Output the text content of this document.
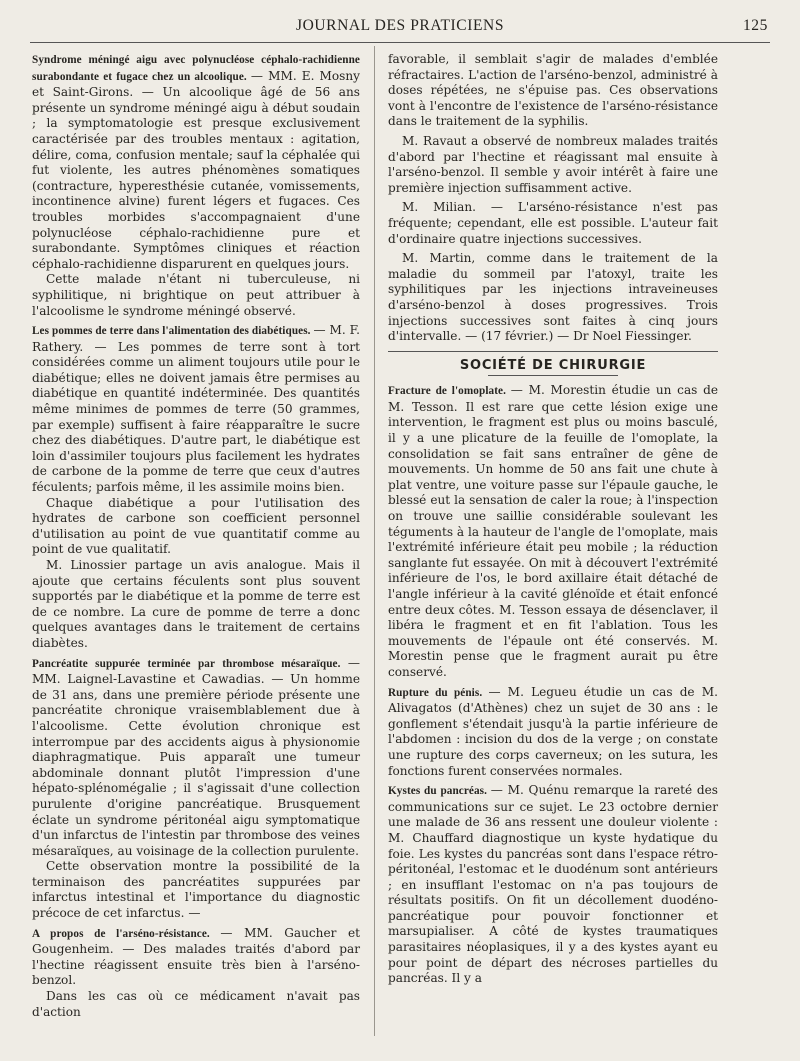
JOURNAL DES PRATICIENS	125
Syndrome méningé aigu avec polynucléose céphalo-rachidienne surabondante et fugace chez un alcoolique.

— MM. E. Mosny et Saint-Girons. — Un alcoolique âgé de 56 ans présente un syndrome méningé aigu à début soudain ; la symptomatologie est presque exclusivement caractérisée par des troubles mentaux : agitation, délire, coma, confusion mentale; sauf la céphalée qui fut violente, les autres phénomènes somatiques (contracture, hyperesthésie cutanée, vomissements, incontinence alvine) furent légers et fugaces. Ces troubles morbides s'accompagnaient d'une polynucléose céphalo-rachidienne pure et surabondante. Symptômes cliniques et réaction céphalo-rachidienne disparurent en quelques jours.

Cette malade n'étant ni tuberculeuse, ni syphilitique, ni brightique on peut attribuer à l'alcoolisme le syndrome méningé observé.

Les pommes de terre dans l'alimentation des diabétiques.

— M. F. Rathery. — Les pommes de terre sont à tort considérées comme un aliment toujours utile pour le diabétique; elles ne doivent jamais être permises au diabétique en quantité indéterminée. Des quantités même minimes de pommes de terre (50 grammes, par exemple) suffisent à faire réapparaître le sucre chez des diabétiques. D'autre part, le diabétique est loin d'assimiler toujours plus facilement les hydrates de carbone de la pomme de terre que ceux d'autres féculents; parfois même, il les assimile moins bien.

Chaque diabétique a pour l'utilisation des hydrates de carbone son coefficient personnel d'utilisation au point de vue quantitatif comme au point de vue qualitatif.

M. Linossier partage un avis analogue. Mais il ajoute que certains féculents sont plus souvent supportés par le diabétique et la pomme de terre est de ce nombre. La cure de pomme de terre a donc quelques avantages dans le traitement de certains diabètes.

Pancréatite suppurée terminée par thrombose mésaraïque.

— MM. Laignel-Lavastine et Cawadias. — Un homme de 31 ans, dans une première période présente une pancréatite chronique vraisemblablement due à l'alcoolisme. Cette évolution chronique est interrompue par des accidents aigus à physionomie diaphragmatique. Puis apparaît une tumeur abdominale donnant plutôt l'impression d'une hépato-splénomégalie ; il s'agissait d'une collection purulente d'origine pancréatique. Brusquement éclate un syndrome péritonéal aigu symptomatique d'un infarctus de l'intestin par thrombose des veines mésaraïques, au voisinage de la collection purulente.

Cette observation montre la possibilité de la terminaison des pancréatites suppurées par infarctus intestinal et l'importance du diagnostic précoce de cet infarctus. —

A propos de l'arséno-résistance.

— MM. Gaucher et Gougenheim. — Des malades traités d'abord par l'hectine réagissent ensuite très bien à l'arséno-benzol.

Dans les cas où ce médicament n'avait pas d'action

favorable, il semblait s'agir de malades d'emblée réfractaires. L'action de l'arséno-benzol, administré à doses répétées, ne s'épuise pas. Ces observations vont à l'encontre de l'existence de l'arséno-résistance dans le traitement de la syphilis.

M. Ravaut a observé de nombreux malades traités d'abord par l'hectine et réagissant mal ensuite à l'arséno-benzol. Il semble y avoir intérêt à faire une première injection suffisamment active.

M. Milian. — L'arséno-résistance n'est pas fréquente; cependant, elle est possible. L'auteur fait d'ordinaire quatre injections successives.

M. Martin, comme dans le traitement de la maladie du sommeil par l'atoxyl, traite les syphilitiques par les injections intraveineuses d'arséno-benzol à doses progressives. Trois injections successives sont faites à cinq jours d'intervalle. — (17 février.) — Dr Noel Fiessinger.

SOCIÉTÉ DE CHIRURGIE
Fracture de l'omoplate.

— M. Morestin étudie un cas de M. Tesson. Il est rare que cette lésion exige une intervention, le fragment est plus ou moins basculé, il y a une plicature de la feuille de l'omoplate, la consolidation se fait sans entraîner de gêne de mouvements. Un homme de 50 ans fait une chute à plat ventre, une voiture passe sur l'épaule gauche, le blessé eut la sensation de caler la roue; à l'inspection on trouve une saillie considérable soulevant les téguments à la hauteur de l'angle de l'omoplate, mais l'extrémité inférieure était peu mobile ; la réduction sanglante fut essayée. On mit à découvert l'extrémité inférieure de l'os, le bord axillaire était détaché de l'angle inférieur à la cavité glénoïde et était enfoncé entre deux côtes. M. Tesson essaya de désenclaver, il libéra le fragment et en fit l'ablation. Tous les mouvements de l'épaule ont été conservés. M. Morestin pense que le fragment aurait pu être conservé.

Rupture du pénis.

— M. Legueu étudie un cas de M. Alivagatos (d'Athènes) chez un sujet de 30 ans : le gonflement s'étendait jusqu'à la partie inférieure de l'abdomen : incision du dos de la verge ; on constate une rupture des corps caverneux; on les sutura, les fonctions furent conservées normales.

Kystes du pancréas.

— M. Quénu remarque la rareté des communications sur ce sujet. Le 23 octobre dernier une malade de 36 ans ressent une douleur violente : M. Chauffard diagnostique un kyste hydatique du foie. Les kystes du pancréas sont dans l'espace rétro-péritonéal, l'estomac et le duodénum sont antérieurs ; en insufflant l'estomac on n'a pas toujours de résultats positifs. On fit un décollement duodéno-pancréatique pour pouvoir fonctionner et marsupialiser. A côté de kystes traumatiques parasitaires néoplasiques, il y a des kystes ayant eu pour point de départ des nécroses partielles du pancréas. Il y a
